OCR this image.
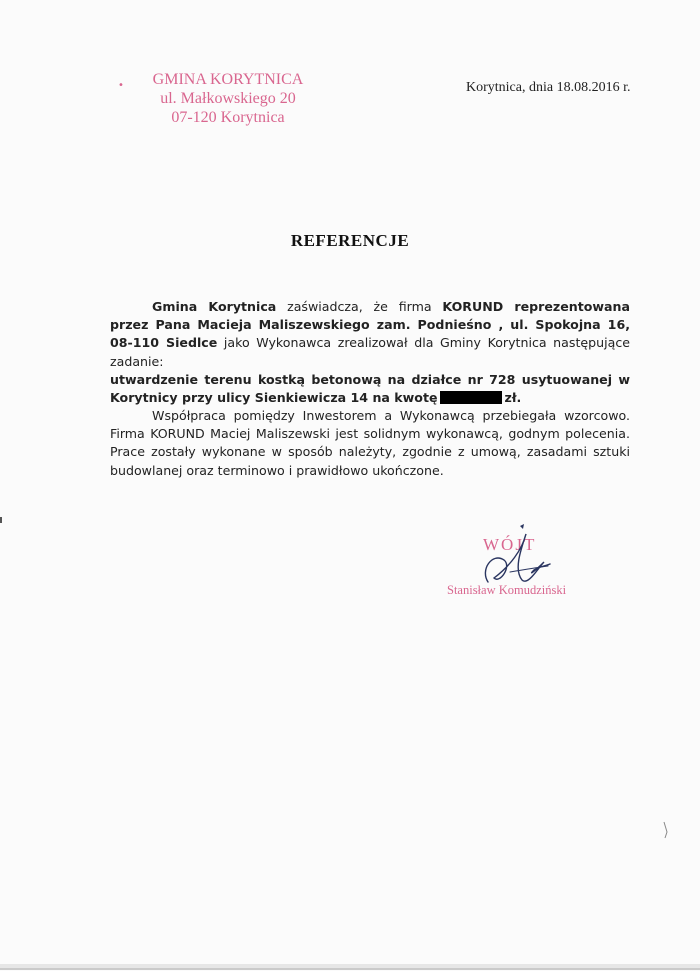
•	GMINA KORYTNICA
ul. Małkowskiego 20
07-120 Korytnica
Korytnica, dnia 18.08.2016 r.
REFERENCJE
Gmina Korytnica zaświadcza, że firma KORUND reprezentowana przez Pana Macieja Maliszewskiego zam. Podnieśno , ul. Spokojna 16, 08-110 Siedlce jako Wykonawca zrealizował dla Gminy Korytnica następujące zadanie:
utwardzenie terenu kostką betonową na działce nr 728 usytuowanej w Korytnicy przy ulicy Sienkiewicza 14 na kwotę	zł.
Współpraca pomiędzy Inwestorem a Wykonawcą przebiegała wzorcowo. Firma KORUND Maciej Maliszewski jest solidnym wykonawcą, godnym polecenia. Prace zostały wykonane w sposób należyty, zgodnie z umową, zasadami sztuki budowlanej oraz terminowo i prawidłowo ukończone.
WÓJT
Stanisław Komudziński
